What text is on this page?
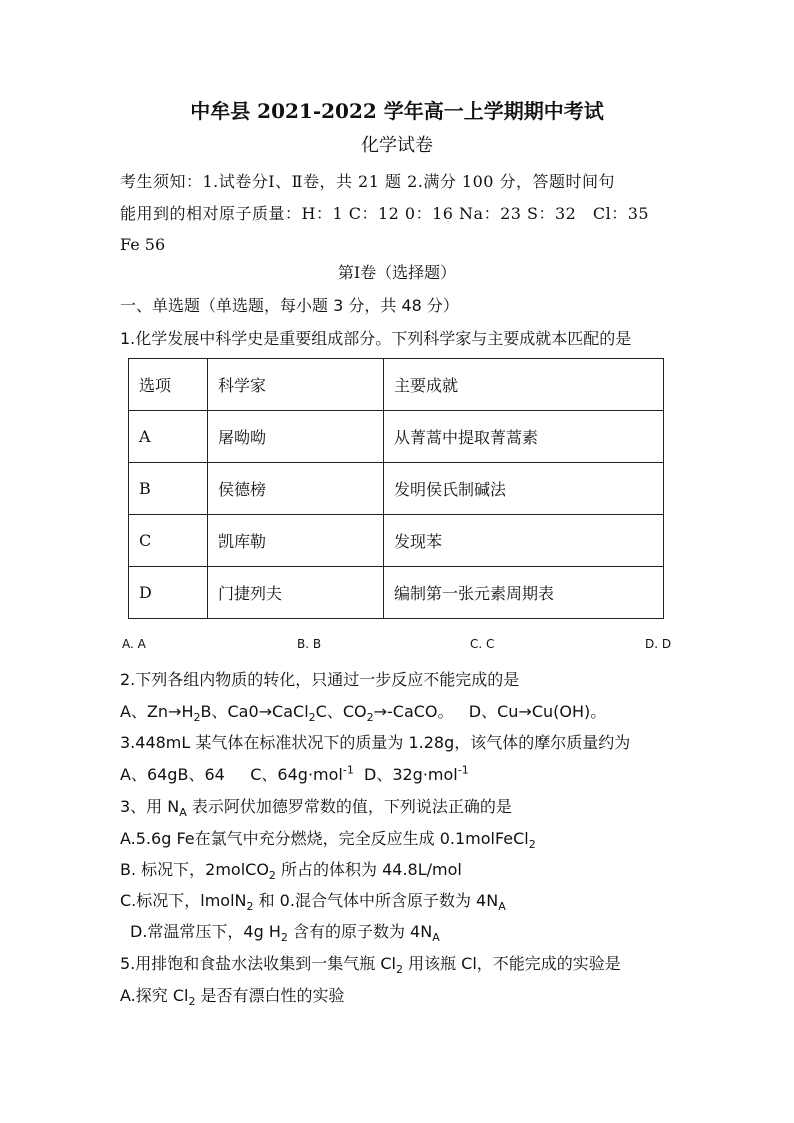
中牟县 2021-2022 学年高一上学期期中考试
化学试卷
考生须知：1.试卷分Ⅰ、Ⅱ卷，共 21 题 2.满分 100 分，答题时间句
能用到的相对原子质量：H：1 C：12 0：16 Na：23 S：32　Cl：35
Fe 56
第Ⅰ卷（选择题）
一、单选题（单选题，每小题 3 分，共 48 分）
1.化学发展中科学史是重要组成部分。下列科学家与主要成就本匹配的是
选项	科学家	主要成就
A	屠呦呦	从菁蒿中提取菁蒿素
B	侯德榜	发明侯氏制碱法
C	凯库勒	发现苯
D	门捷列夫	编制第一张元素周期表
A. A	B. B	C. C	D. D
2.下列各组内物质的转化，只通过一步反应不能完成的是
A、$Zn\to H_2B$、Ca0→CaCl$_2$C、$CO_2\to$-CaCO。 D、Cu→Cu(OH)。
3.448mL 某气体在标准状况下的质量为 1.28g，该气体的摩尔质量约为
A、64gB、64 C、64g·mol$^{-1}$ D、32g·mol$^{-1}$
3、用 $N_A$ 表示阿伏加德罗常数的值，下列说法正确的是
A.5.6g Fe在氯气中充分燃烧，完全反应生成 0.1molFeCl$_2$
B. 标况下，2molCO$_2$ 所占的体积为 44.8L/mol
C.标况下，lmolN$_2$ 和 0.混合气体中所含原子数为 $4N_A$
D.常温常压下，4g $H_2$ 含有的原子数为 $4N_A$
5.用排饱和食盐水法收集到一集气瓶 $Cl_2$ 用该瓶 Cl，不能完成的实验是
A.探究 $Cl_2$ 是否有漂白性的实验
